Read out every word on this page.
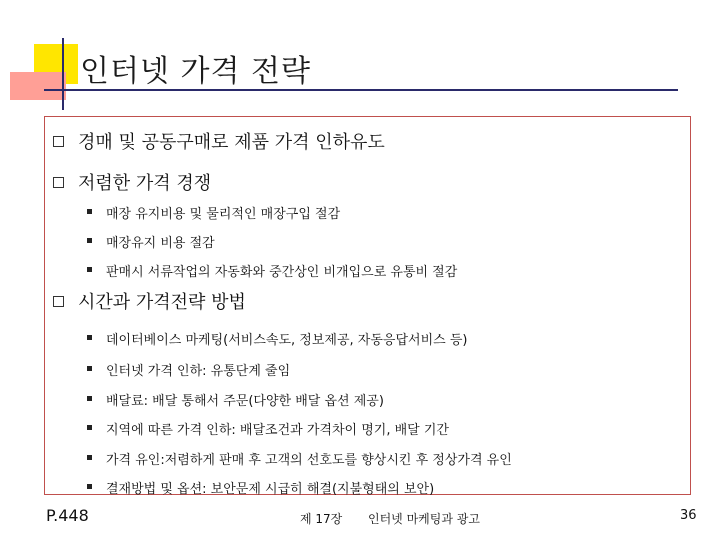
인터넷 가격 전략
경매 및 공동구매로 제품 가격 인하유도
저렴한 가격 경쟁
매장 유지비용 및 물리적인 매장구입 절감
매장유지 비용 절감
판매시 서류작업의 자동화와 중간상인 비개입으로 유통비 절감
시간과 가격전략 방법
데이터베이스 마케팅(서비스속도, 정보제공, 자동응답서비스 등)
인터넷 가격 인하: 유통단계 줄임
배달료: 배달 통해서 주문(다양한 배달 옵션 제공)
지역에 따른 가격 인하: 배달조건과 가격차이 명기, 배달 기간
가격 유인:저렴하게 판매 후 고객의 선호도를 향상시킨 후 정상가격 유인
결재방법 및 옵션: 보안문제 시급히 해결(지불형태의 보안)
P.448	제 17장 인터넷 마케팅과 광고	36
